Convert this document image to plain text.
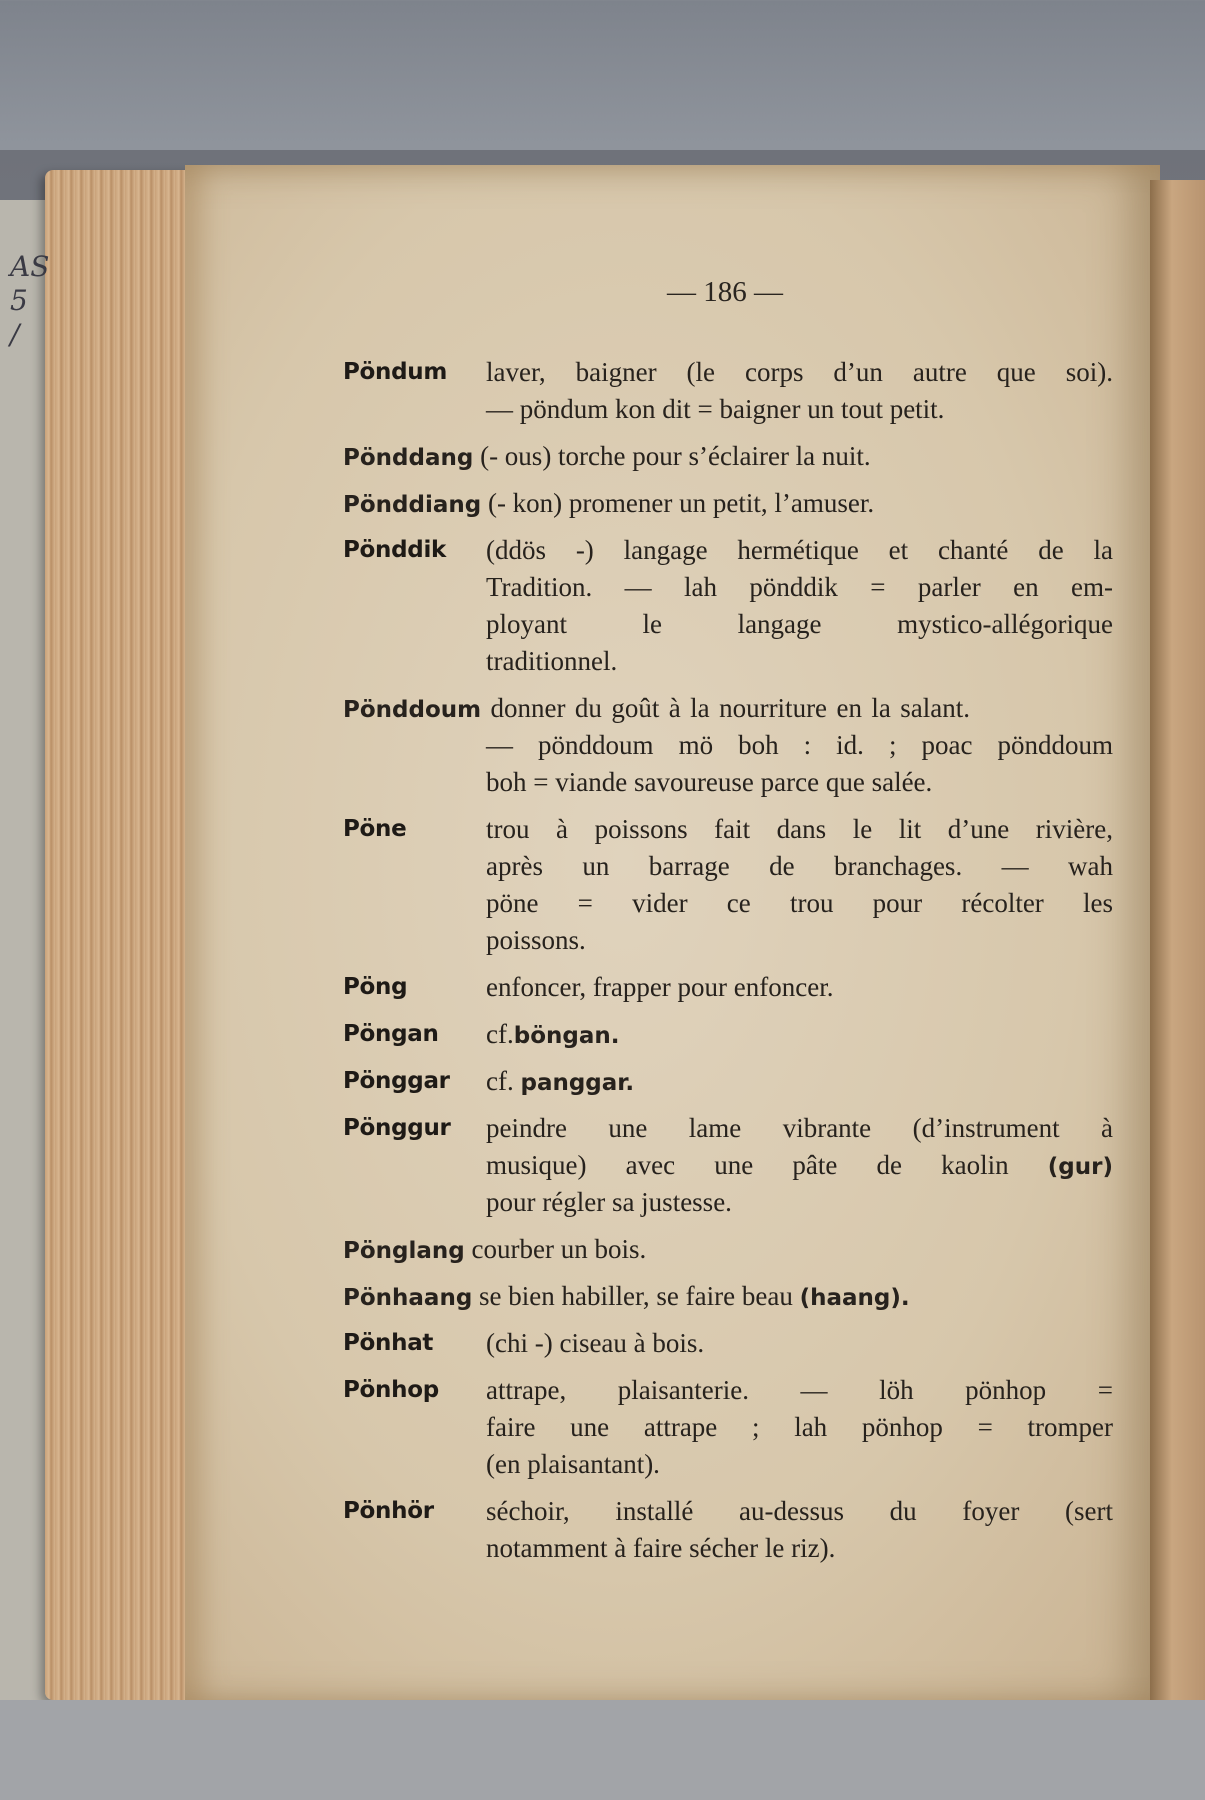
AS
5
/
— 186 —
Pöndum laver, baigner (le corps d’un autre que soi).
— pöndum kon dit = baigner un tout petit.
Pönddang (- ous) torche pour s’éclairer la nuit.
Pönddiang (- kon) promener un petit, l’amuser.
Pönddik (ddös -) langage hermétique et chanté de la
Tradition. — lah pönddik = parler en em-
ployant le langage mystico-allégorique
traditionnel.
Pönddoum donner du goût à la nourriture en la salant.
— pönddoum mö boh : id. ; poac pönddoum
boh = viande savoureuse parce que salée.
Pöne	trou à poissons fait dans le lit d’une rivière,
après un barrage de branchages. — wah
pöne = vider ce trou pour récolter les
poissons.
Pöng	enfoncer, frapper pour enfoncer.
Pöngan cf.böngan.
Pönggar cf. panggar.
Pönggur peindre une lame vibrante (d’instrument à
musique) avec une pâte de kaolin (gur)
pour régler sa justesse.
Pönglang courber un bois.
Pönhaang se bien habiller, se faire beau (haang).
Pönhat (chi -) ciseau à bois.
Pönhop attrape, plaisanterie. — löh pönhop =
faire une attrape ; lah pönhop = tromper
(en plaisantant).
Pönhör séchoir, installé au-dessus du foyer (sert
notamment à faire sécher le riz).
